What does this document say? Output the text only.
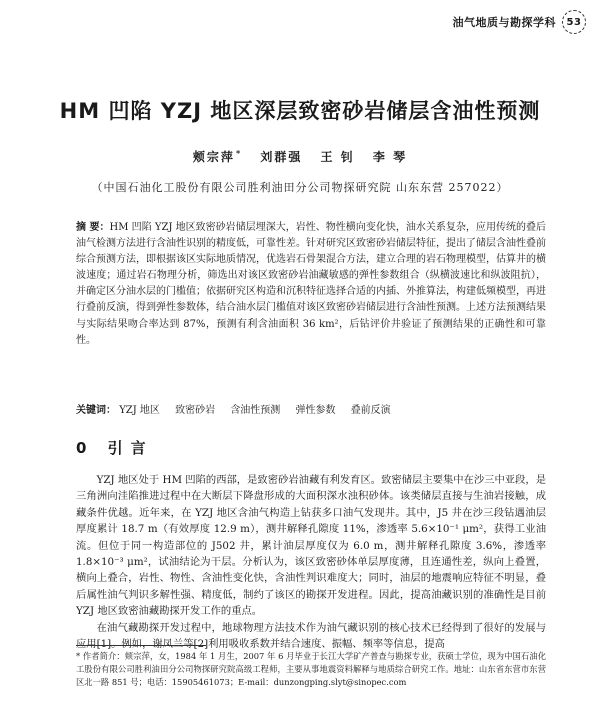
油气地质与勘探学科	53
HM 凹陷 YZJ 地区深层致密砂岩储层含油性预测
颊宗萍* 刘群强 王 钊 李 琴
（中国石油化工股份有限公司胜利油田分公司物探研究院 山东东营 257022）
摘 要：HM 凹陷 YZJ 地区致密砂岩储层埋深大，岩性、物性横向变化快，油水关系复杂，应用传统的叠后油气检测方法进行含油性识别的精度低，可靠性差。针对研究区致密砂岩储层特征，提出了储层含油性叠前综合预测方法，即根据该区实际地质情况，优选岩石骨架混合方法，建立合理的岩石物理模型，估算井的横波速度；通过岩石物理分析，筛选出对该区致密砂岩油藏敏感的弹性参数组合（纵横波速比和纵波阻抗），并确定区分油水层的门槛值；依据研究区构造和沉积特征选择合适的内插、外推算法，构建低频模型，再进行叠前反演，得到弹性参数体，结合油水层门槛值对该区致密砂岩储层进行含油性预测。上述方法预测结果与实际结果吻合率达到 87%，预测有利含油面积 36 km²，后钻评价井验证了预测结果的正确性和可靠性。
关键词： YZJ 地区 致密砂岩 含油性预测 弹性参数 叠前反演
0 引言

YZJ 地区处于 HM 凹陷的西部，是致密砂岩油藏有利发育区。致密储层主要集中在沙三中亚段，是三角洲向洼陷推进过程中在大断层下降盘形成的大面积深水浊积砂体。该类储层直接与生油岩接触，成藏条件优越。近年来，在 YZJ 地区含油气构造上钻获多口油气发现井。其中，J5 井在沙三段钻遇油层厚度累计 18.7 m（有效厚度 12.9 m），测井解释孔隙度 11%，渗透率 5.6×10⁻¹ μm²，获得工业油流。但位于同一构造部位的 J502 井，累计油层厚度仅为 6.0 m，测井解释孔隙度 3.6%，渗透率 1.8×10⁻³ μm²，试油结论为干层。分析认为，该区致密砂体单层厚度薄，且连通性差，纵向上叠置，横向上叠合，岩性、物性、含油性变化快，含油性判识难度大；同时，油层的地震响应特征不明显，叠后属性油气判识多解性强、精度低，制约了该区的勘探开发进程。因此，提高油藏识别的准确性是目前 YZJ 地区致密油藏勘探开发工作的重点。

在油气藏勘探开发过程中，地球物理方法技术作为油气藏识别的核心技术已经得到了很好的发展与应用[1]。例如，谢凤兰等[2]利用吸收系数并结合速度、振幅、频率等信息，提高

* 作者简介：颊宗萍，女，1984 年 1 月生，2007 年 6 月毕业于长江大学矿产普查与勘探专业，获硕士学位，现为中国石油化工股份有限公司胜利油田分公司物探研究院高级工程师，主要从事地震资料解释与地质综合研究工作。地址：山东省东营市东营区北一路 851 号；电话：15905461073；E-mail：dunzongping.slyt@sinopec.com
